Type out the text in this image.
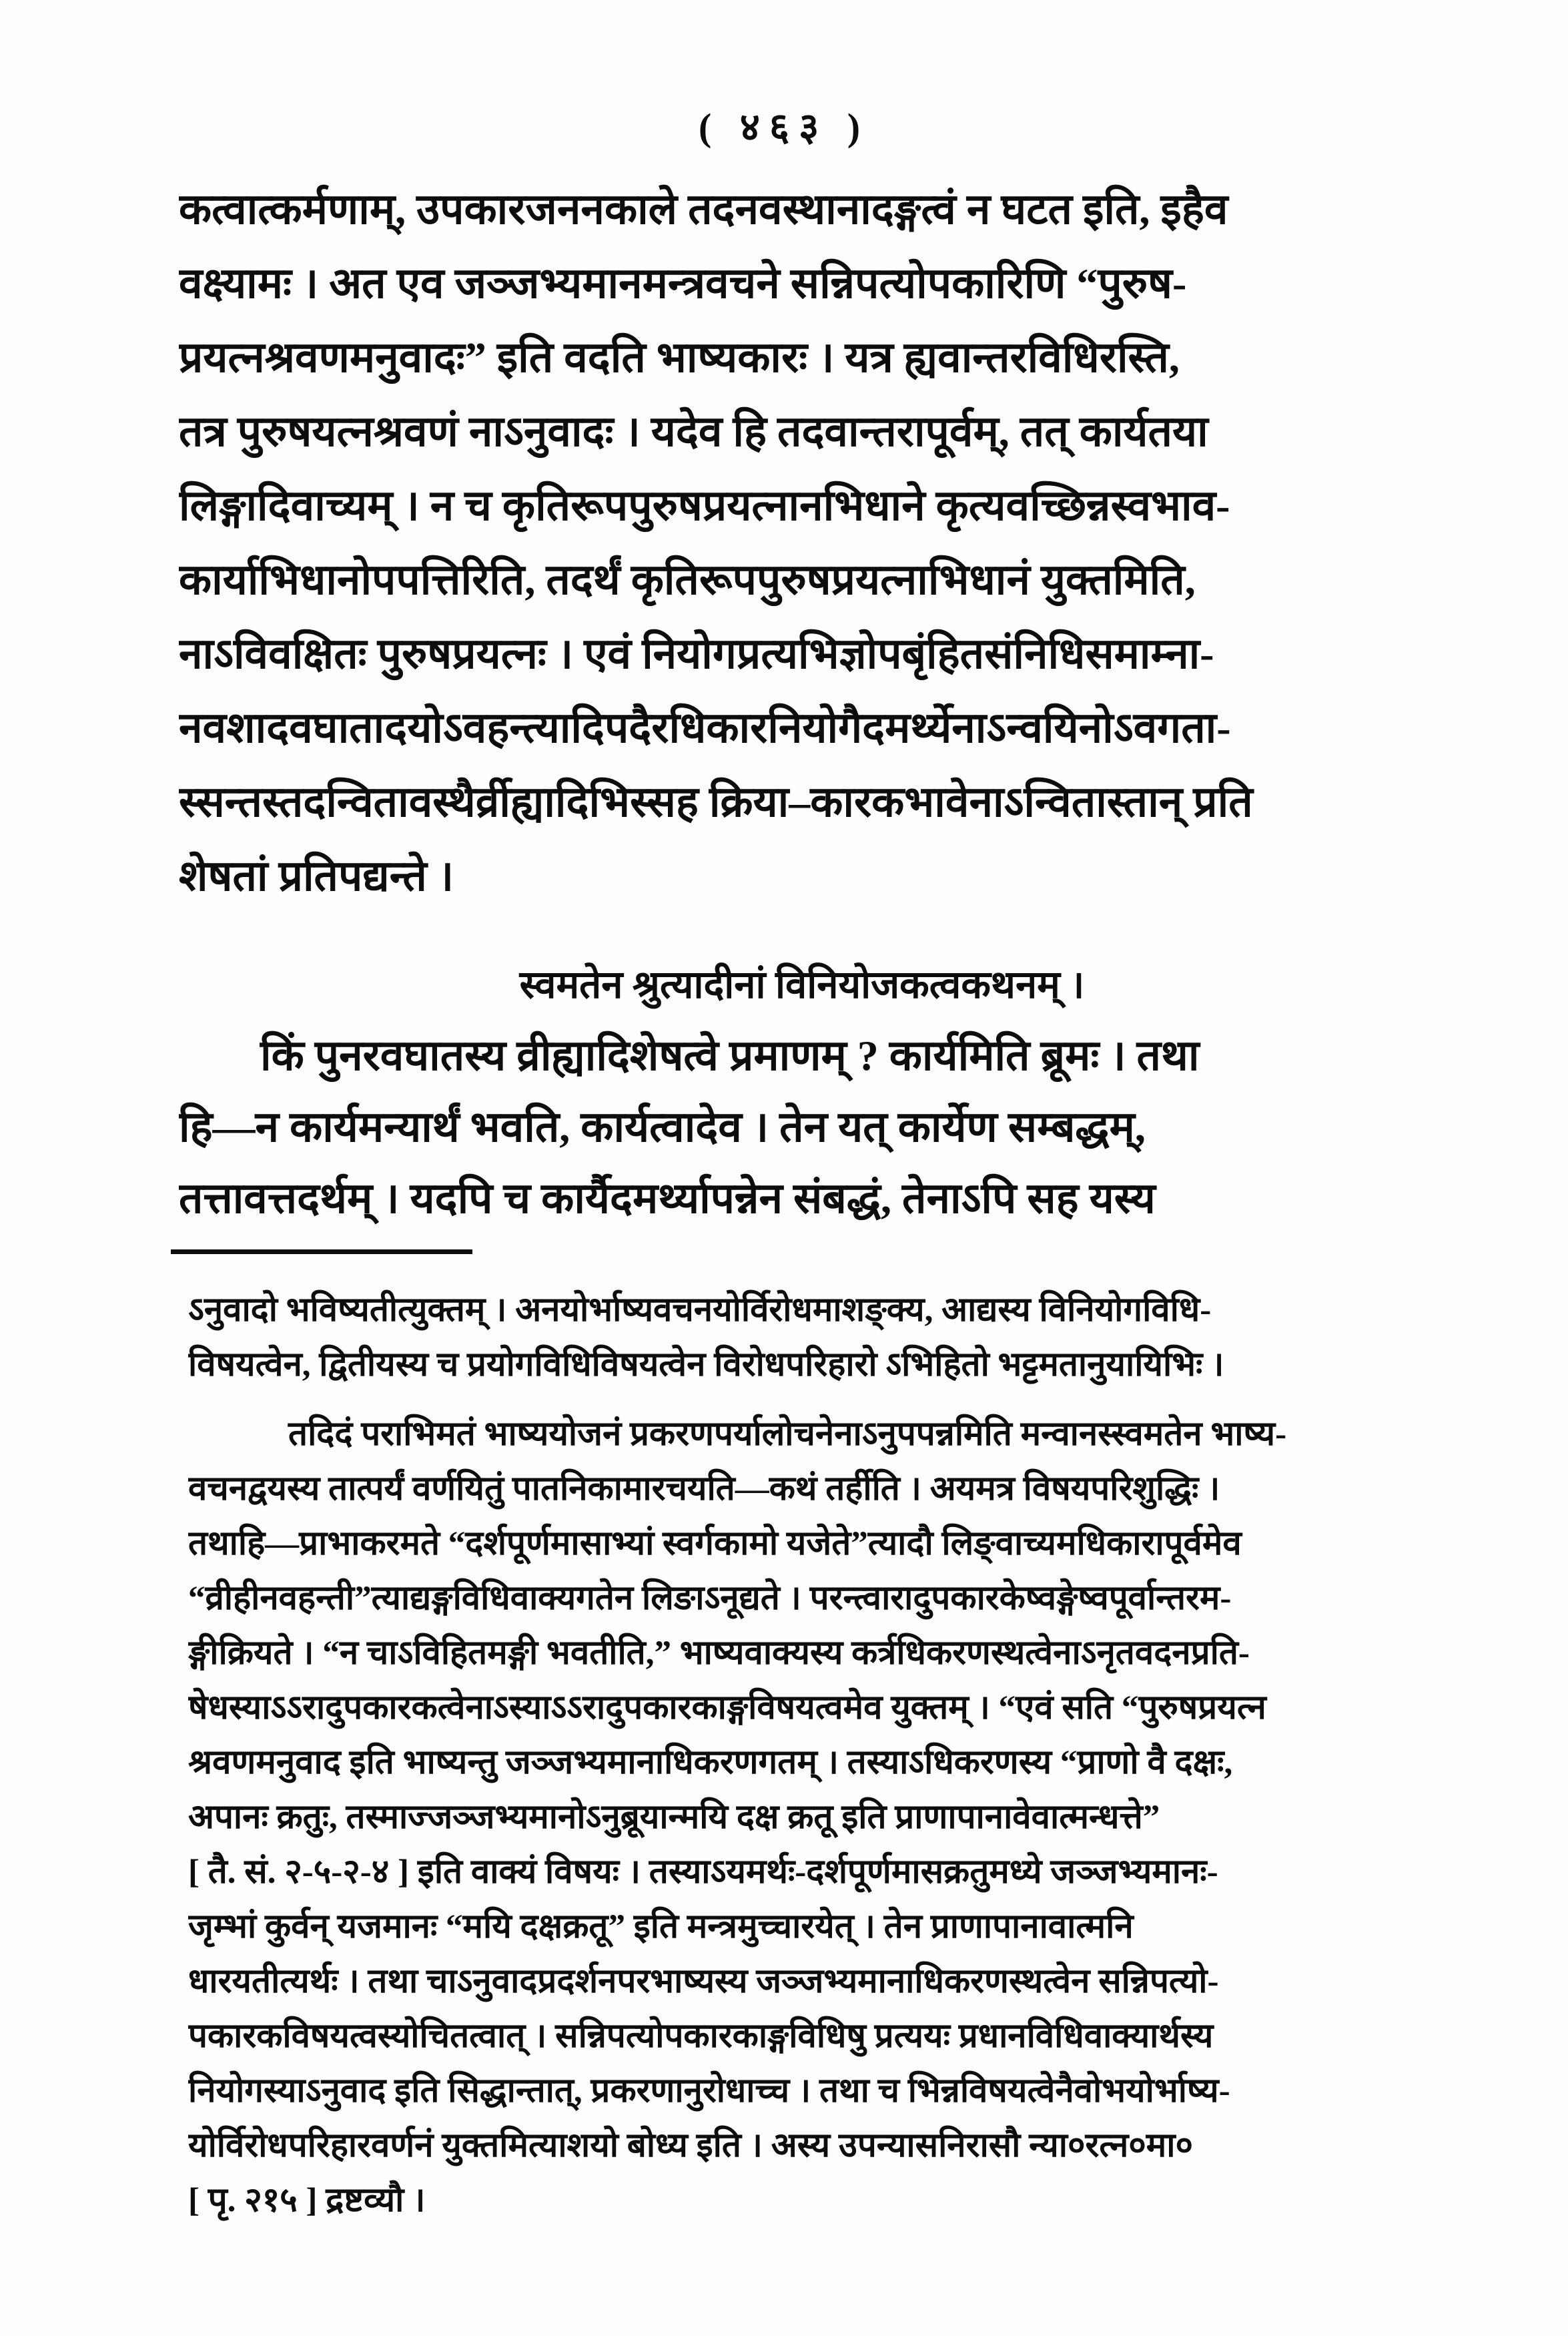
( ४६३ )
कत्वात्कर्मणाम्, उपकारजननकाले तदनवस्थानादङ्गत्वं न घटत इति, इहैव
वक्ष्यामः । अत एव जञ्जभ्यमानमन्त्रवचने सन्निपत्योपकारिणि “पुरुष-
प्रयत्नश्रवणमनुवादः” इति वदति भाष्यकारः । यत्र ह्यवान्तरविधिरस्ति,
तत्र पुरुषयत्नश्रवणं नाऽनुवादः । यदेव हि तदवान्तरापूर्वम्, तत् कार्यतया
लिङ्गादिवाच्यम् । न च कृतिरूपपुरुषप्रयत्नानभिधाने कृत्यवच्छिन्नस्वभाव-
कार्याभिधानोपपत्तिरिति, तदर्थं कृतिरूपपुरुषप्रयत्नाभिधानं युक्तमिति,
नाऽविवक्षितः पुरुषप्रयत्नः । एवं नियोगप्रत्यभिज्ञोपबृंहितसंनिधिसमाम्ना-
नवशादवघातादयोऽवहन्त्यादिपदैरधिकारनियोगैदमर्थ्येनाऽन्वयिनोऽवगता-
स्सन्तस्तदन्वितावस्थैर्व्रीह्यादिभिस्सह क्रिया–कारकभावेनाऽन्वितास्तान् प्रति
शेषतां प्रतिपद्यन्ते ।
स्वमतेन श्रुत्यादीनां विनियोजकत्वकथनम् ।
किं पुनरवघातस्य व्रीह्यादिशेषत्वे प्रमाणम् ? कार्यमिति ब्रूमः । तथा
हि—न कार्यमन्यार्थं भवति, कार्यत्वादेव । तेन यत् कार्येण सम्बद्धम्,
तत्तावत्तदर्थम् । यदपि च कार्यैदमर्थ्यापन्नेन संबद्धं, तेनाऽपि सह यस्य
ऽनुवादो भविष्यतीत्युक्तम् । अनयोर्भाष्यवचनयोर्विरोधमाशङ्क्य, आद्यस्य विनियोगविधि-
विषयत्वेन, द्वितीयस्य च प्रयोगविधिविषयत्वेन विरोधपरिहारो ऽभिहितो भट्टमतानुयायिभिः ।
तदिदं पराभिमतं भाष्ययोजनं प्रकरणपर्यालोचनेनाऽनुपपन्नमिति मन्वानस्स्वमतेन भाष्य-
वचनद्वयस्य तात्पर्यं वर्णयितुं पातनिकामारचयति—कथं तर्हीति । अयमत्र विषयपरिशुद्धिः ।
तथाहि—प्राभाकरमते “दर्शपूर्णमासाभ्यां स्वर्गकामो यजेते”त्यादौ लिङ्वाच्यमधिकारापूर्वमेव
“व्रीहीनवहन्ती”त्याद्यङ्गविधिवाक्यगतेन लिङाऽनूद्यते । परन्त्वारादुपकारकेष्वङ्गेष्वपूर्वान्तरम-
ङ्गीक्रियते । “न चाऽविहितमङ्गी भवतीति,” भाष्यवाक्यस्य कर्त्रधिकरणस्थत्वेनाऽनृतवदनप्रति-
षेधस्याऽऽरादुपकारकत्वेनाऽस्याऽऽरादुपकारकाङ्गविषयत्वमेव युक्तम् । “एवं सति “पुरुषप्रयत्न
श्रवणमनुवाद इति भाष्यन्तु जञ्जभ्यमानाधिकरणगतम् । तस्याऽधिकरणस्य “प्राणो वै दक्षः,
अपानः क्रतुः, तस्माज्जञ्जभ्यमानोऽनुब्रूयान्मयि दक्ष क्रतू इति प्राणापानावेवात्मन्धत्ते”
[ तै. सं. २-५-२-४ ] इति वाक्यं विषयः । तस्याऽयमर्थः-दर्शपूर्णमासक्रतुमध्ये जञ्जभ्यमानः-
जृम्भां कुर्वन् यजमानः “मयि दक्षक्रतू” इति मन्त्रमुच्चारयेत् । तेन प्राणापानावात्मनि
धारयतीत्यर्थः । तथा चाऽनुवादप्रदर्शनपरभाष्यस्य जञ्जभ्यमानाधिकरणस्थत्वेन सन्निपत्यो-
पकारकविषयत्वस्योचितत्वात् । सन्निपत्योपकारकाङ्गविधिषु प्रत्ययः प्रधानविधिवाक्यार्थस्य
नियोगस्याऽनुवाद इति सिद्धान्तात्, प्रकरणानुरोधाच्च । तथा च भिन्नविषयत्वेनैवोभयोर्भाष्य-
योर्विरोधपरिहारवर्णनं युक्तमित्याशयो बोध्य इति । अस्य उपन्यासनिरासौ न्या०रत्न०मा०
[ पृ. २१५ ] द्रष्टव्यौ ।
